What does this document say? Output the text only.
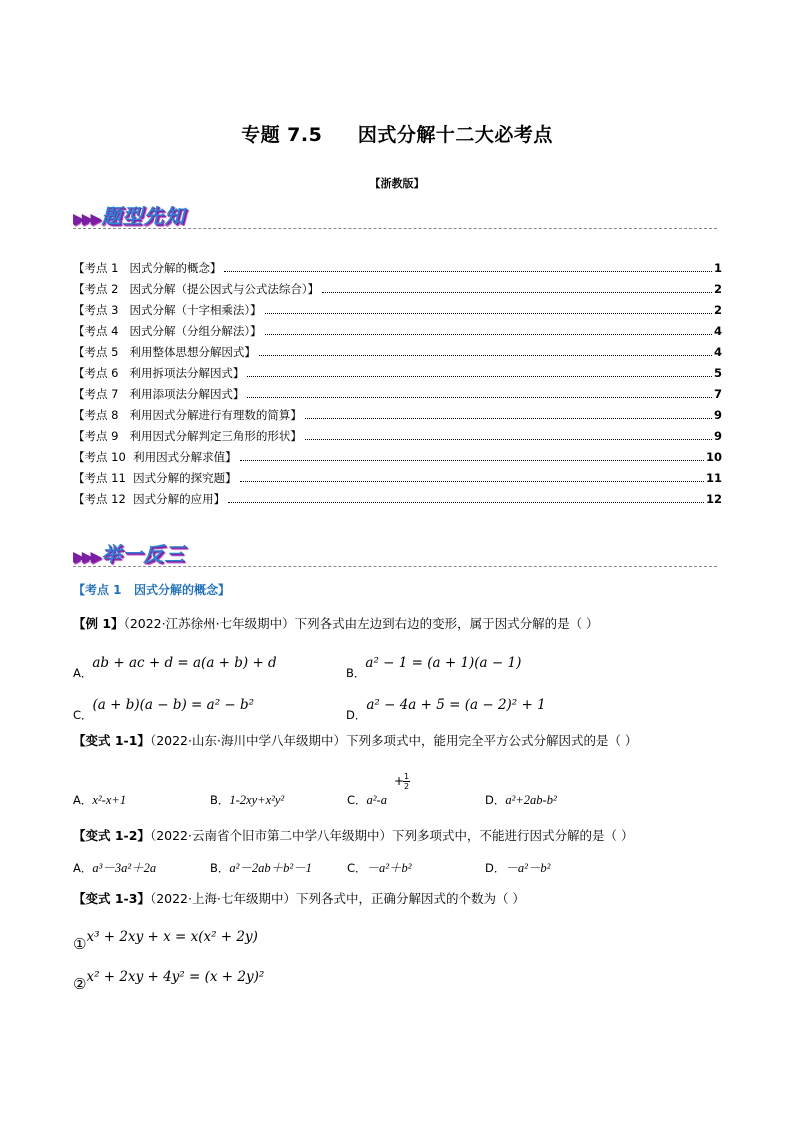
专题 7.5     因式分解十二大必考点
【浙教版】
▶▶▶ 题型先知
【考点 1   因式分解的概念】	1
【考点 2   因式分解（提公因式与公式法综合）】	2
【考点 3   因式分解（十字相乘法）】	2
【考点 4   因式分解（分组分解法）】	4
【考点 5   利用整体思想分解因式】	4
【考点 6   利用拆项法分解因式】	5
【考点 7   利用添项法分解因式】	7
【考点 8   利用因式分解进行有理数的简算】	9
【考点 9   利用因式分解判定三角形的形状】	9
【考点 10  利用因式分解求值】	10
【考点 11  因式分解的探究题】	11
【考点 12  因式分解的应用】	12
▶▶▶ 举一反三
【考点 1   因式分解的概念】
【例 1】（2022·江苏徐州·七年级期中）下列各式由左边到右边的变形，属于因式分解的是（ ）
$_{A.}$ab + ac + d = a(a + b) + d
$_{B.}$a² − 1 = (a + 1)(a − 1)
$_{C.}$(a + b)(a − b) = a² − b²
$_{D.}$a² − 4a + 5 = (a − 2)² + 1
【变式 1-1】（2022·山东·海川中学八年级期中）下列多项式中，能用完全平方公式分解因式的是（ ）
A．x²-x+1	B．1-2xy+x²y²	C．a²-a
+ 1
2
D．a²+2ab-b²
【变式 1-2】（2022·云南省个旧市第二中学八年级期中）下列多项式中，不能进行因式分解的是（ ）
A．a³－3a²＋2a	B．a²－2ab＋b²－1	C．－a²＋b²	D．－a²－b²
【变式 1-3】（2022·上海·七年级期中）下列各式中，正确分解因式的个数为（ ）
①x³ + 2xy + x = x(x² + 2y)
②x² + 2xy + 4y² = (x + 2y)²
